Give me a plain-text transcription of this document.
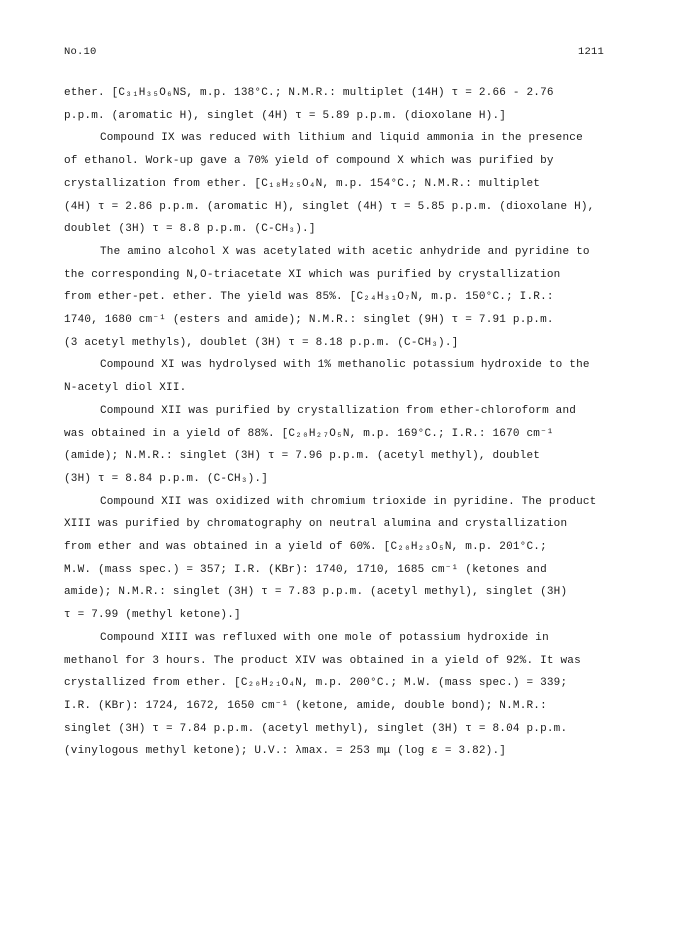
No.10	1211

ether. [C₃₁H₃₅O₆NS, m.p. 138°C.; N.M.R.: multiplet (14H) τ = 2.66 - 2.76

p.p.m. (aromatic H), singlet (4H) τ = 5.89 p.p.m. (dioxolane H).]

Compound IX was reduced with lithium and liquid ammonia in the presence

of ethanol. Work-up gave a 70% yield of compound X which was purified by

crystallization from ether. [C₁₈H₂₅O₄N, m.p. 154°C.; N.M.R.: multiplet

(4H) τ = 2.86 p.p.m. (aromatic H), singlet (4H) τ = 5.85 p.p.m. (dioxolane H),

doublet (3H) τ = 8.8 p.p.m. (C-CH₃).]

The amino alcohol X was acetylated with acetic anhydride and pyridine to

the corresponding N,O-triacetate XI which was purified by crystallization

from ether-pet. ether. The yield was 85%. [C₂₄H₃₁O₇N, m.p. 150°C.; I.R.:

1740, 1680 cm⁻¹ (esters and amide); N.M.R.: singlet (9H) τ = 7.91 p.p.m.

(3 acetyl methyls), doublet (3H) τ = 8.18 p.p.m. (C-CH₃).]

Compound XI was hydrolysed with 1% methanolic potassium hydroxide to the

N-acetyl diol XII.

Compound XII was purified by crystallization from ether-chloroform and

was obtained in a yield of 88%. [C₂₀H₂₇O₅N, m.p. 169°C.; I.R.: 1670 cm⁻¹

(amide); N.M.R.: singlet (3H) τ = 7.96 p.p.m. (acetyl methyl), doublet

(3H) τ = 8.84 p.p.m. (C-CH₃).]

Compound XII was oxidized with chromium trioxide in pyridine. The product

XIII was purified by chromatography on neutral alumina and crystallization

from ether and was obtained in a yield of 60%. [C₂₀H₂₃O₅N, m.p. 201°C.;

M.W. (mass spec.) = 357; I.R. (KBr): 1740, 1710, 1685 cm⁻¹ (ketones and

amide); N.M.R.: singlet (3H) τ = 7.83 p.p.m. (acetyl methyl), singlet (3H)

τ = 7.99 (methyl ketone).]

Compound XIII was refluxed with one mole of potassium hydroxide in

methanol for 3 hours. The product XIV was obtained in a yield of 92%. It was

crystallized from ether. [C₂₀H₂₁O₄N, m.p. 200°C.; M.W. (mass spec.) = 339;

I.R. (KBr): 1724, 1672, 1650 cm⁻¹ (ketone, amide, double bond); N.M.R.:

singlet (3H) τ = 7.84 p.p.m. (acetyl methyl), singlet (3H) τ = 8.04 p.p.m.

(vinylogous methyl ketone); U.V.: λmax. = 253 mμ (log ε = 3.82).]
